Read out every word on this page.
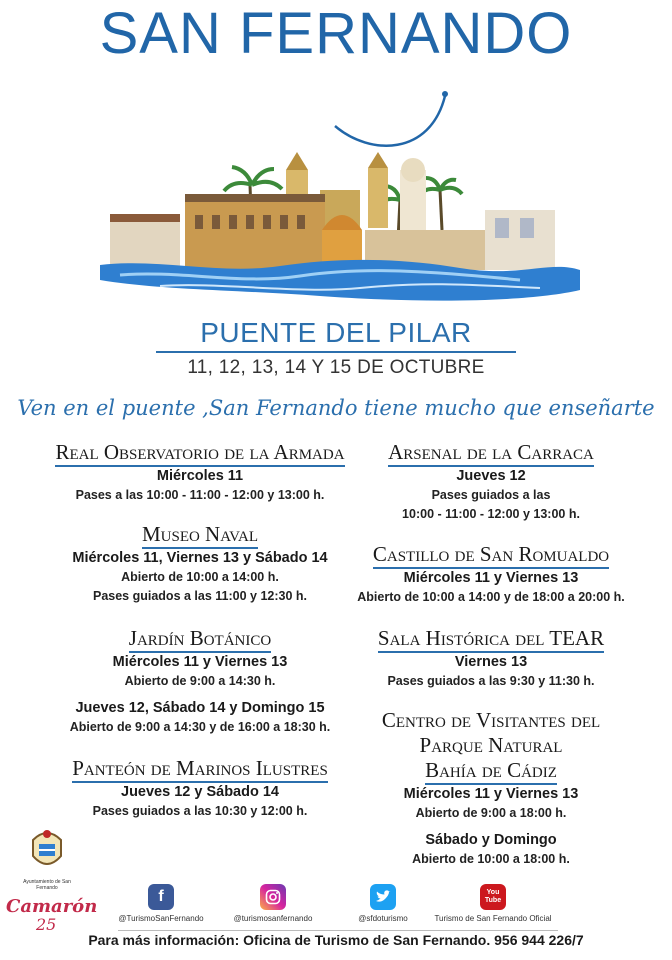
SAN FERNANDO
PUENTE DEL PILAR
11, 12, 13, 14 Y 15 DE OCTUBRE
Ven en el puente ,San Fernando tiene mucho que enseñarte
Real Observatorio de la Armada
Miércoles 11
Pases a las 10:00 - 11:00 - 12:00 y 13:00 h.
Museo Naval
Miércoles 11, Viernes 13 y Sábado 14
Abierto de 10:00 a 14:00 h.
Pases guiados a las 11:00 y 12:30 h.
Jardín Botánico
Miércoles 11 y Viernes 13
Abierto de 9:00 a 14:30 h.
Jueves 12, Sábado 14 y Domingo 15
Abierto de 9:00 a 14:30 y de 16:00 a 18:30 h.
Panteón de Marinos Ilustres
Jueves 12 y Sábado 14
Pases guiados a las 10:30 y 12:00 h.
Arsenal de la Carraca
Jueves 12
Pases guiados a las
10:00 - 11:00 - 12:00 y 13:00 h.
Castillo de San Romualdo
Miércoles 11 y Viernes 13
Abierto de 10:00 a 14:00 y de 18:00 a 20:00 h.
Sala Histórica del TEAR
Viernes 13
Pases guiados a las 9:30 y 11:30 h.
Centro de Visitantes del
Parque Natural
Bahía de Cádiz
Miércoles 11 y Viernes 13
Abierto de 9:00 a 18:00 h.
Sábado y Domingo
Abierto de 10:00 a 18:00 h.
Ayuntamiento de San Fernando
Camarón
25
f
@TurismoSanFernando	@turismosanfernando	@sfdoturismo
You
Tube
Turismo de San Fernando Oficial
Para más información: Oficina de Turismo de San Fernando. 956 944 226/7
